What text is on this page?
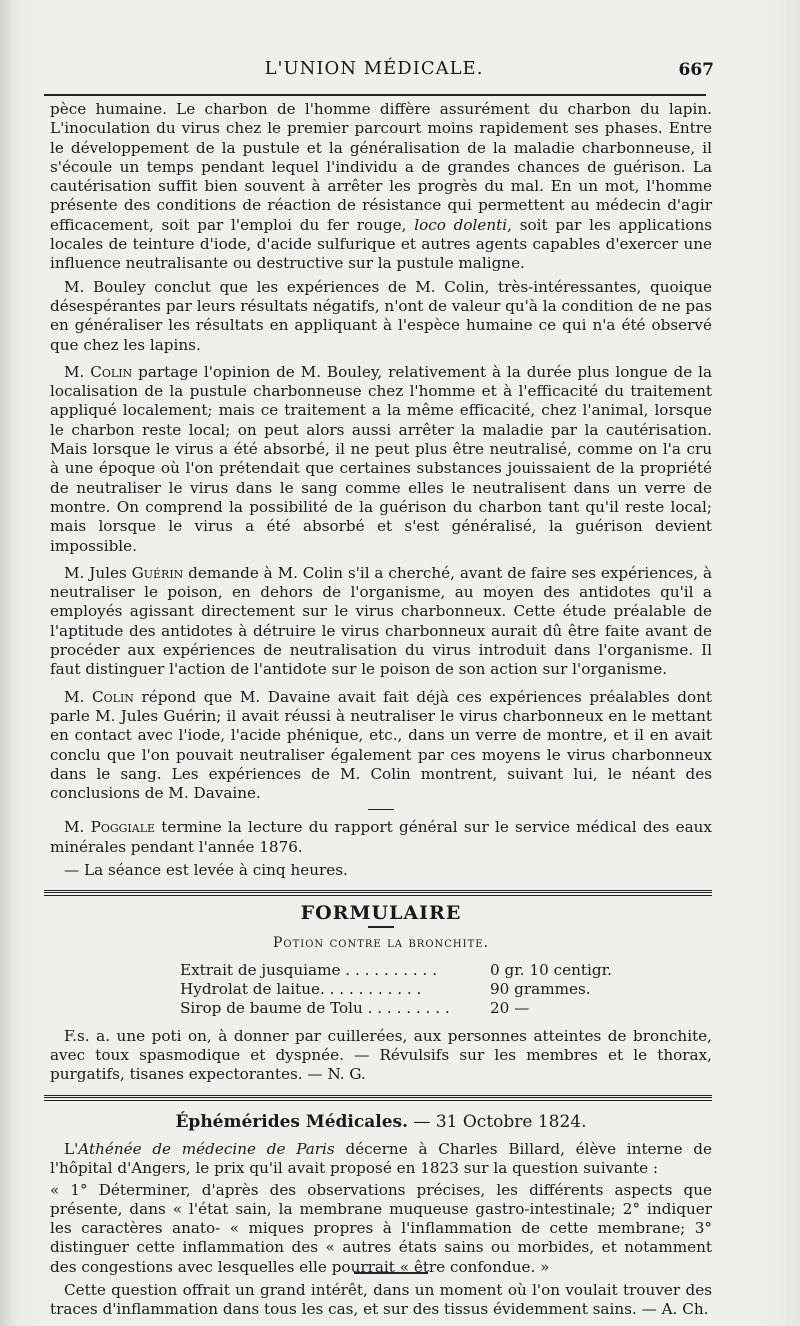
L'UNION MÉDICALE.	667

pèce humaine. Le charbon de l'homme diffère assurément du charbon du lapin. L'inoculation du virus chez le premier parcourt moins rapidement ses phases. Entre le développement de la pustule et la généralisation de la maladie charbonneuse, il s'écoule un temps pendant lequel l'individu a de grandes chances de guérison. La cautérisation suffit bien souvent à arrêter les progrès du mal. En un mot, l'homme présente des conditions de réaction de résistance qui permettent au médecin d'agir efficacement, soit par l'emploi du fer rouge, loco dolenti, soit par les applications locales de teinture d'iode, d'acide sulfurique et autres agents capables d'exercer une influence neutralisante ou destructive sur la pustule maligne.

M. Bouley conclut que les expériences de M. Colin, très-intéressantes, quoique désespérantes par leurs résultats négatifs, n'ont de valeur qu'à la condition de ne pas en généraliser les résultats en appliquant à l'espèce humaine ce qui n'a été observé que chez les lapins.

M. Colin partage l'opinion de M. Bouley, relativement à la durée plus longue de la localisation de la pustule charbonneuse chez l'homme et à l'efficacité du traitement appliqué localement; mais ce traitement a la même efficacité, chez l'animal, lorsque le charbon reste local; on peut alors aussi arrêter la maladie par la cautérisation. Mais lorsque le virus a été absorbé, il ne peut plus être neutralisé, comme on l'a cru à une époque où l'on prétendait que certaines substances jouissaient de la propriété de neutraliser le virus dans le sang comme elles le neutralisent dans un verre de montre. On comprend la possibilité de la guérison du charbon tant qu'il reste local; mais lorsque le virus a été absorbé et s'est généralisé, la guérison devient impossible.

M. Jules Guérin demande à M. Colin s'il a cherché, avant de faire ses expériences, à neutraliser le poison, en dehors de l'organisme, au moyen des antidotes qu'il a employés agissant directement sur le virus charbonneux. Cette étude préalable de l'aptitude des antidotes à détruire le virus charbonneux aurait dû être faite avant de procéder aux expériences de neutralisation du virus introduit dans l'organisme. Il faut distinguer l'action de l'antidote sur le poison de son action sur l'organisme.

M. Colin répond que M. Davaine avait fait déjà ces expériences préalables dont parle M. Jules Guérin; il avait réussi à neutraliser le virus charbonneux en le mettant en contact avec l'iode, l'acide phénique, etc., dans un verre de montre, et il en avait conclu que l'on pouvait neutraliser également par ces moyens le virus charbonneux dans le sang. Les expériences de M. Colin montrent, suivant lui, le néant des conclusions de M. Davaine.

M. Poggiale termine la lecture du rapport général sur le service médical des eaux minérales pendant l'année 1876.

— La séance est levée à cinq heures.

FORMULAIRE
Potion contre la bronchite.
Extrait de jusquiame . . . . . . . . . .	0 gr. 10 centigr.
Hydrolat de laitue. . . . . . . . . . .	90 grammes.
Sirop de baume de Tolu . . . . . . . . .	20 —

F.s. a. une poti on, à donner par cuillerées, aux personnes atteintes de bronchite, avec toux spasmodique et dyspnée. — Révulsifs sur les membres et le thorax, purgatifs, tisanes expectorantes. — N. G.

Éphémérides Médicales. — 31 Octobre 1824.

L'Athénée de médecine de Paris décerne à Charles Billard, élève interne de l'hôpital d'Angers, le prix qu'il avait proposé en 1823 sur la question suivante :

« 1° Déterminer, d'après des observations précises, les différents aspects que présente, dans « l'état sain, la membrane muqueuse gastro-intestinale; 2° indiquer les caractères anato- « miques propres à l'inflammation de cette membrane; 3° distinguer cette inflammation des « autres états sains ou morbides, et notamment des congestions avec lesquelles elle pourrait « être confondue. »

Cette question offrait un grand intérêt, dans un moment où l'on voulait trouver des traces d'inflammation dans tous les cas, et sur des tissus évidemment sains. — A. Ch.
